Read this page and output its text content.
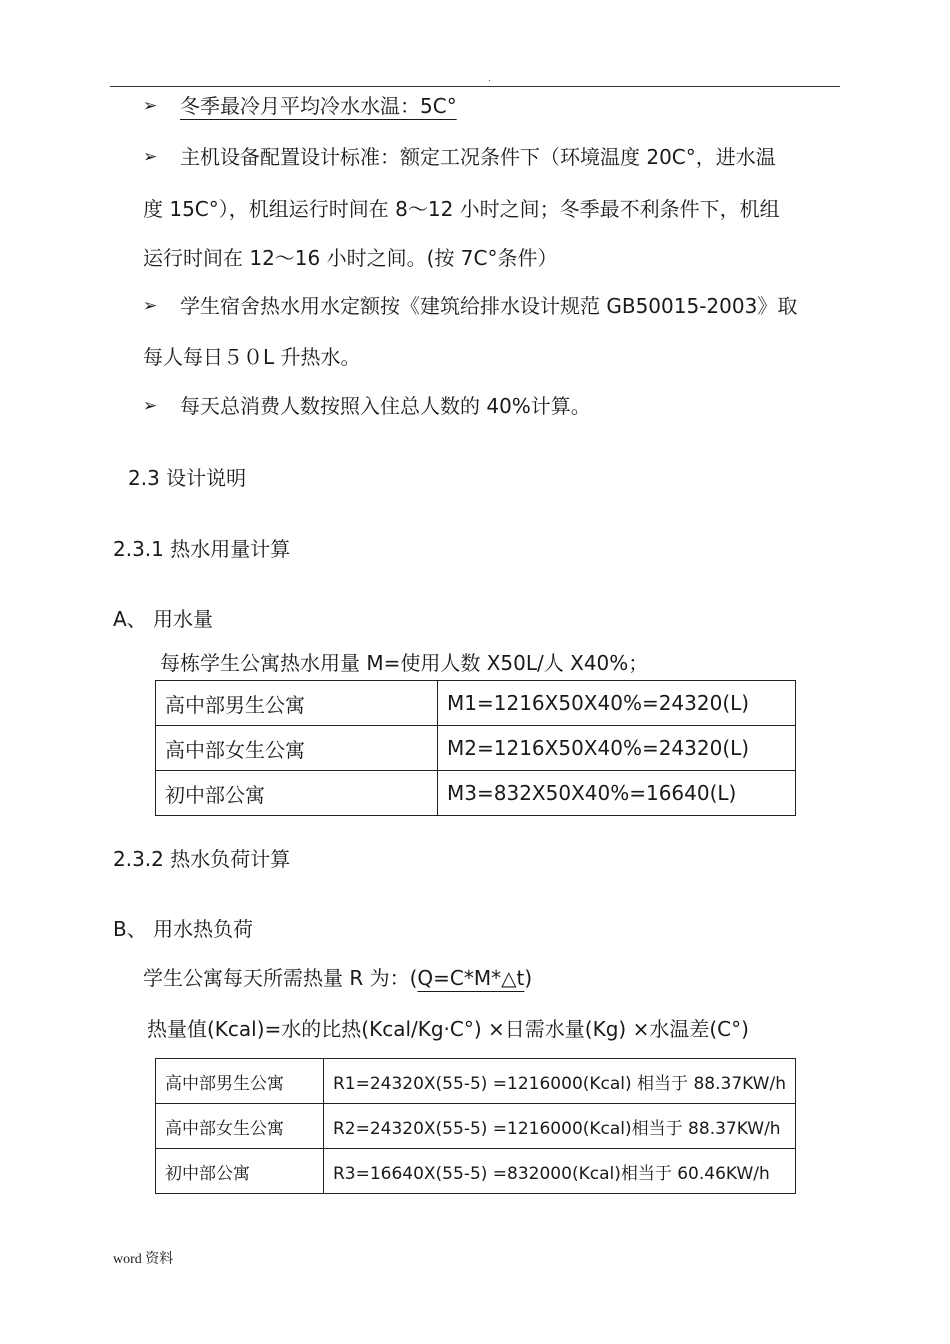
.
➢ 冬季最冷月平均冷水水温：5C°
➢ 主机设备配置设计标准：额定工况条件下（环境温度 20C°，进水温
度 15C°），机组运行时间在 8～12 小时之间；冬季最不利条件下，机组
运行时间在 12～16 小时之间。(按 7C°条件）
➢ 学生宿舍热水用水定额按《建筑给排水设计规范 GB50015-2003》取
每人每日５０L 升热水。
➢ 每天总消费人数按照入住总人数的 40%计算。
2.3 设计说明
2.3.1 热水用量计算
A、 用水量
每栋学生公寓热水用量 M=使用人数 X50L/人 X40%；
高中部男生公寓	M1=1216X50X40%=24320(L)
高中部女生公寓	M2=1216X50X40%=24320(L)
初中部公寓	M3=832X50X40%=16640(L)
2.3.2 热水负荷计算
B、 用水热负荷
学生公寓每天所需热量 R 为：(Q=C*M*△t)
热量值(Kcal)=水的比热(Kcal/Kg·C°) ×日需水量(Kg) ×水温差(C°)
高中部男生公寓	R1=24320X(55-5) =1216000(Kcal) 相当于 88.37KW/h
高中部女生公寓	R2=24320X(55-5) =1216000(Kcal)相当于 88.37KW/h
初中部公寓	R3=16640X(55-5) =832000(Kcal)相当于 60.46KW/h
word 资料
